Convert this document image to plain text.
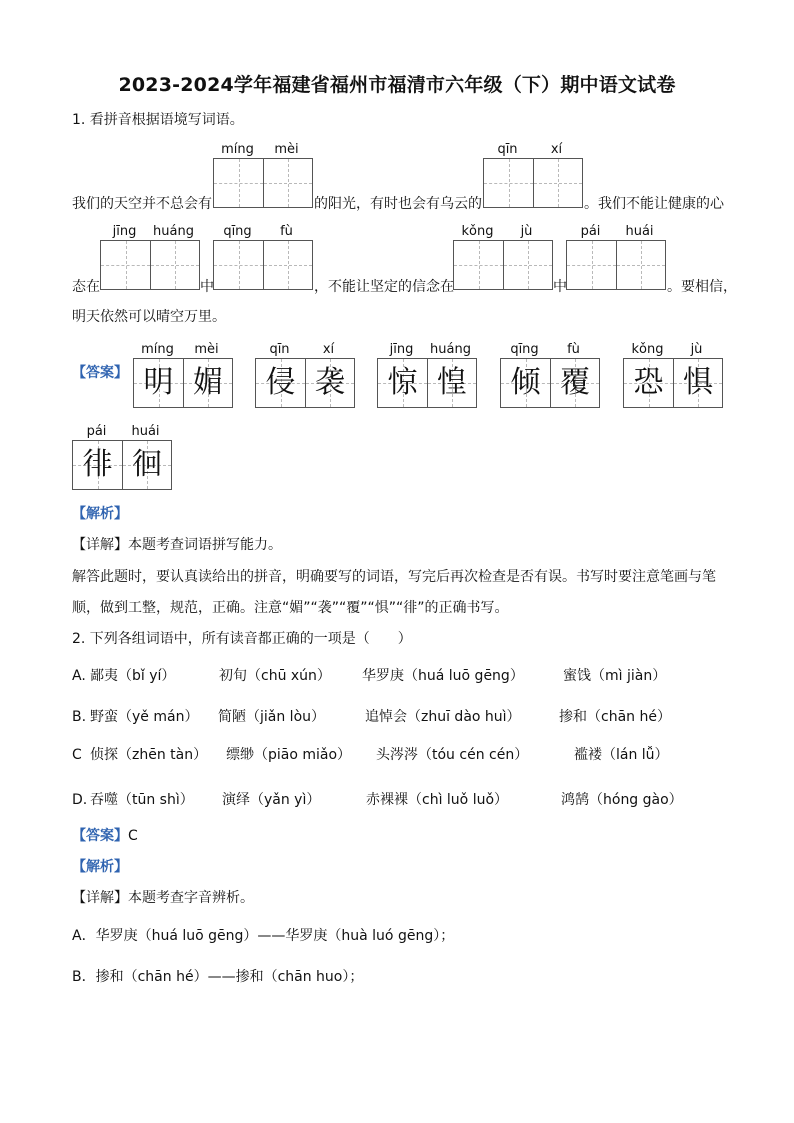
2023-2024学年福建省福州市福清市六年级（下）期中语文试卷
1. 看拼音根据语境写词语。
míng	mèi	qīn	xí
我们的天空并不总会有	的阳光，有时也会有乌云的	。我们不能让健康的心
jīng	huáng	qīng	fù	kǒng	jù	pái	huái
态在	中	，不能让坚定的信念在	中	。要相信，
明天依然可以晴空万里。
【答案】
míng	mèi
明 媚
qīn	xí
侵 袭
jīng	huáng
惊 惶
qīng	fù
倾 覆
kǒng	jù
恐 惧
pái	huái
徘 徊
【解析】
【详解】本题考查词语拼写能力。
解答此题时，要认真读给出的拼音，明确要写的词语，写完后再次检查是否有误。书写时要注意笔画与笔
顺，做到工整，规范，正确。注意“媚”“袭”“覆”“惧”“徘”的正确书写。
2. 下列各组词语中，所有读音都正确的一项是（　　）
A. 鄙夷（bǐ yí）	初旬（chū xún） 华罗庚（huá luō gēng）	蜜饯（mì jiàn）
B. 野蛮（yě mán） 简陋（jiǎn lòu）	追悼会（zhuī dào huì）	掺和（chān hé）
C 侦探（zhēn tàn） 缥缈（piāo miǎo） 头涔涔（tóu cén cén）	褴褛（lán lǚ）
D. 吞噬（tūn shì） 演绎（yǎn yì）	赤裸裸（chì luǒ luǒ）	鸿鹄（hóng gào）
【答案】 C
【解析】
【详解】本题考查字音辨析。
A．华罗庚（huá luō gēng）——华罗庚（huà luó gēng）；
B．掺和（chān hé）——掺和（chān huo）；
